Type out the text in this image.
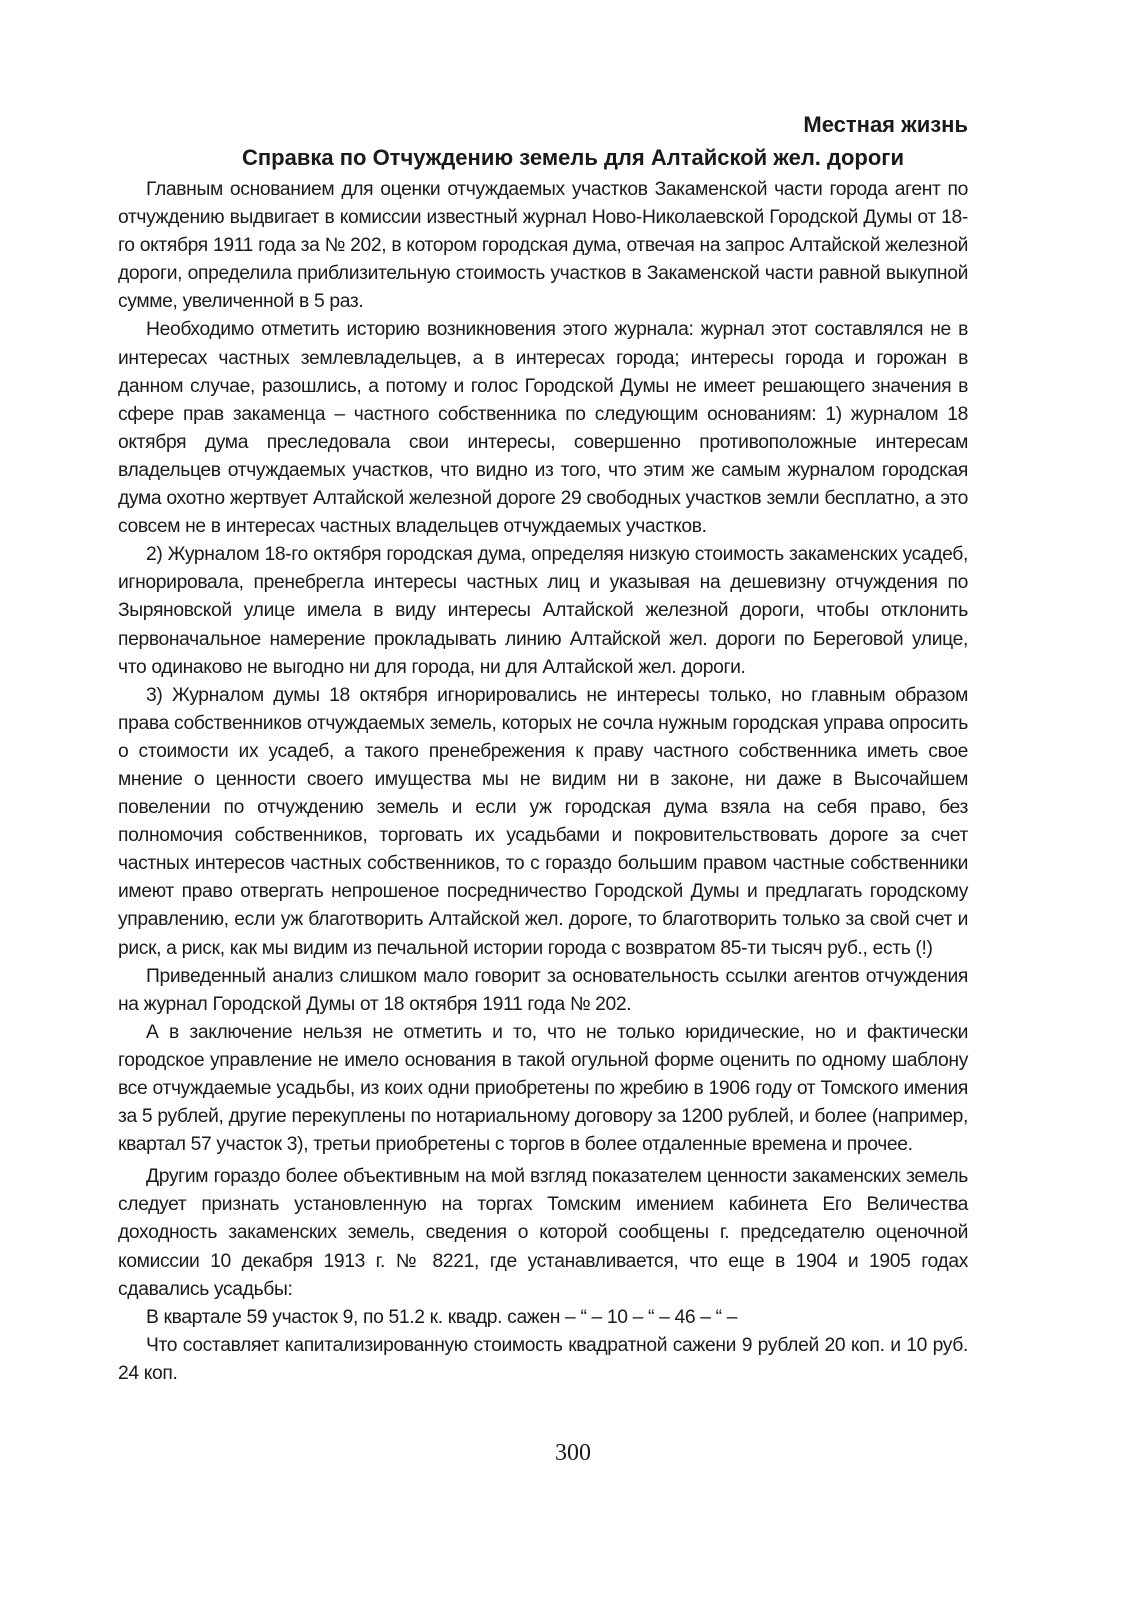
Местная жизнь
Справка по Отчуждению земель для Алтайской жел. дороги

Главным основанием для оценки отчуждаемых участков Закаменской части города агент по отчуждению выдвигает в комиссии известный журнал Ново-Николаевской Городской Думы от 18-го октября 1911 года за № 202, в котором городская дума, отвечая на запрос Алтайской железной дороги, определила приблизительную стоимость участков в Закаменской части равной выкупной сумме, увеличенной в 5 раз.

Необходимо отметить историю возникновения этого журнала: журнал этот составлялся не в интересах частных землевладельцев, а в интересах города; интересы города и горожан в данном случае, разошлись, а потому и голос Городской Думы не имеет решающего значения в сфере прав закаменца – частного собственника по следующим основаниям: 1) журналом 18 октября дума преследовала свои интересы, совершенно противоположные интересам владельцев отчуждаемых участков, что видно из того, что этим же самым журналом городская дума охотно жертвует Алтайской железной дороге 29 свободных участков земли бесплатно, а это совсем не в интересах частных владельцев отчуждаемых участков.

2) Журналом 18-го октября городская дума, определяя низкую стоимость закаменских усадеб, игнорировала, пренебрегла интересы частных лиц и указывая на дешевизну отчуждения по Зыряновской улице имела в виду интересы Алтайской железной дороги, чтобы отклонить первоначальное намерение прокладывать линию Алтайской жел. дороги по Береговой улице, что одинаково не выгодно ни для города, ни для Алтайской жел. дороги.

3) Журналом думы 18 октября игнорировались не интересы только, но главным образом права собственников отчуждаемых земель, которых не сочла нужным городская управа опросить о стоимости их усадеб, а такого пренебрежения к праву частного собственника иметь свое мнение о ценности своего имущества мы не видим ни в законе, ни даже в Высочайшем повелении по отчуждению земель и если уж городская дума взяла на себя право, без полномочия собственников, торговать их усадьбами и покровительствовать дороге за счет частных интересов частных собственников, то с гораздо большим правом частные собственники имеют право отвергать непрошеное посредничество Городской Думы и предлагать городскому управлению, если уж благотворить Алтайской жел. дороге, то благотворить только за свой счет и риск, а риск, как мы видим из печальной истории города с возвратом 85-ти тысяч руб., есть (!)

Приведенный анализ слишком мало говорит за основательность ссылки агентов отчуждения на журнал Городской Думы от 18 октября 1911 года № 202.

А в заключение нельзя не отметить и то, что не только юридические, но и фактически городское управление не имело основания в такой огульной форме оценить по одному шаблону все отчуждаемые усадьбы, из коих одни приобретены по жребию в 1906 году от Томского имения за 5 рублей, другие перекуплены по нотариальному договору за 1200 рублей, и более (например, квартал 57 участок 3), третьи приобретены с торгов в более отдаленные времена и прочее.

Другим гораздо более объективным на мой взгляд показателем ценности закаменских земель следует признать установленную на торгах Томским имением кабинета Его Величества доходность закаменских земель, сведения о которой сообщены г. председателю оценочной комиссии 10 декабря 1913 г. № 8221, где устанавливается, что еще в 1904 и 1905 годах сдавались усадьбы:

В квартале 59 участок 9, по 51.2 к. квадр. сажен – “ – 10 – “ – 46 – “ –

Что составляет капитализированную стоимость квадратной сажени 9 рублей 20 коп. и 10 руб. 24 коп.

300
